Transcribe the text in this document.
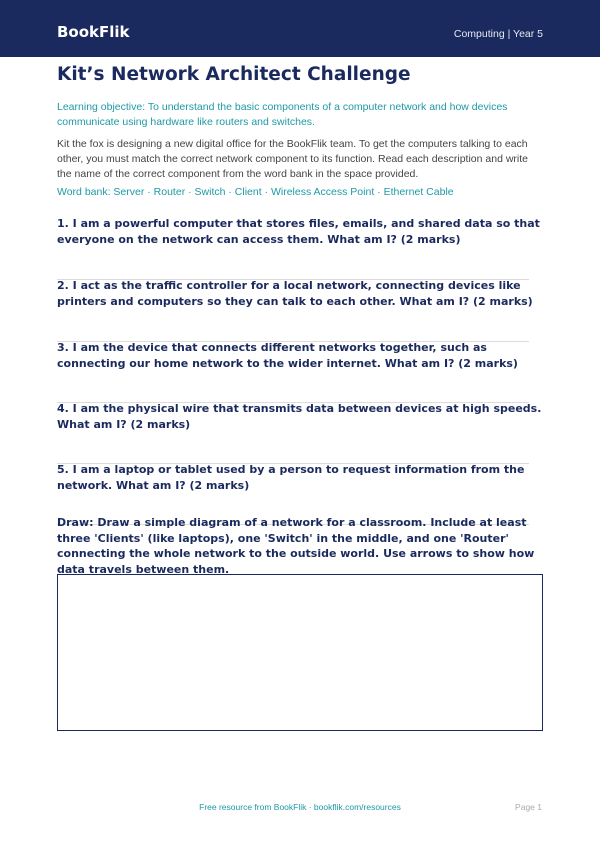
BookFlik	Computing | Year 5
Kit’s Network Architect Challenge

Learning objective: To understand the basic components of a computer network and how devices communicate using hardware like routers and switches.

Kit the fox is designing a new digital office for the BookFlik team. To get the computers talking to each other, you must match the correct network component to its function. Read each description and write the name of the correct component from the word bank in the space provided.

Word bank: Server · Router · Switch · Client · Wireless Access Point · Ethernet Cable

1. I am a powerful computer that stores files, emails, and shared data so that everyone on the network can access them. What am I? (2 marks)

2. I act as the traffic controller for a local network, connecting devices like printers and computers so they can talk to each other. What am I? (2 marks)

3. I am the device that connects different networks together, such as connecting our home network to the wider internet. What am I? (2 marks)

4. I am the physical wire that transmits data between devices at high speeds. What am I? (2 marks)

5. I am a laptop or tablet used by a person to request information from the network. What am I? (2 marks)

Draw: Draw a simple diagram of a network for a classroom. Include at least three 'Clients' (like laptops), one 'Switch' in the middle, and one 'Router' connecting the whole network to the outside world. Use arrows to show how data travels between them.

Free resource from BookFlik · bookflik.com/resources	Page 1
